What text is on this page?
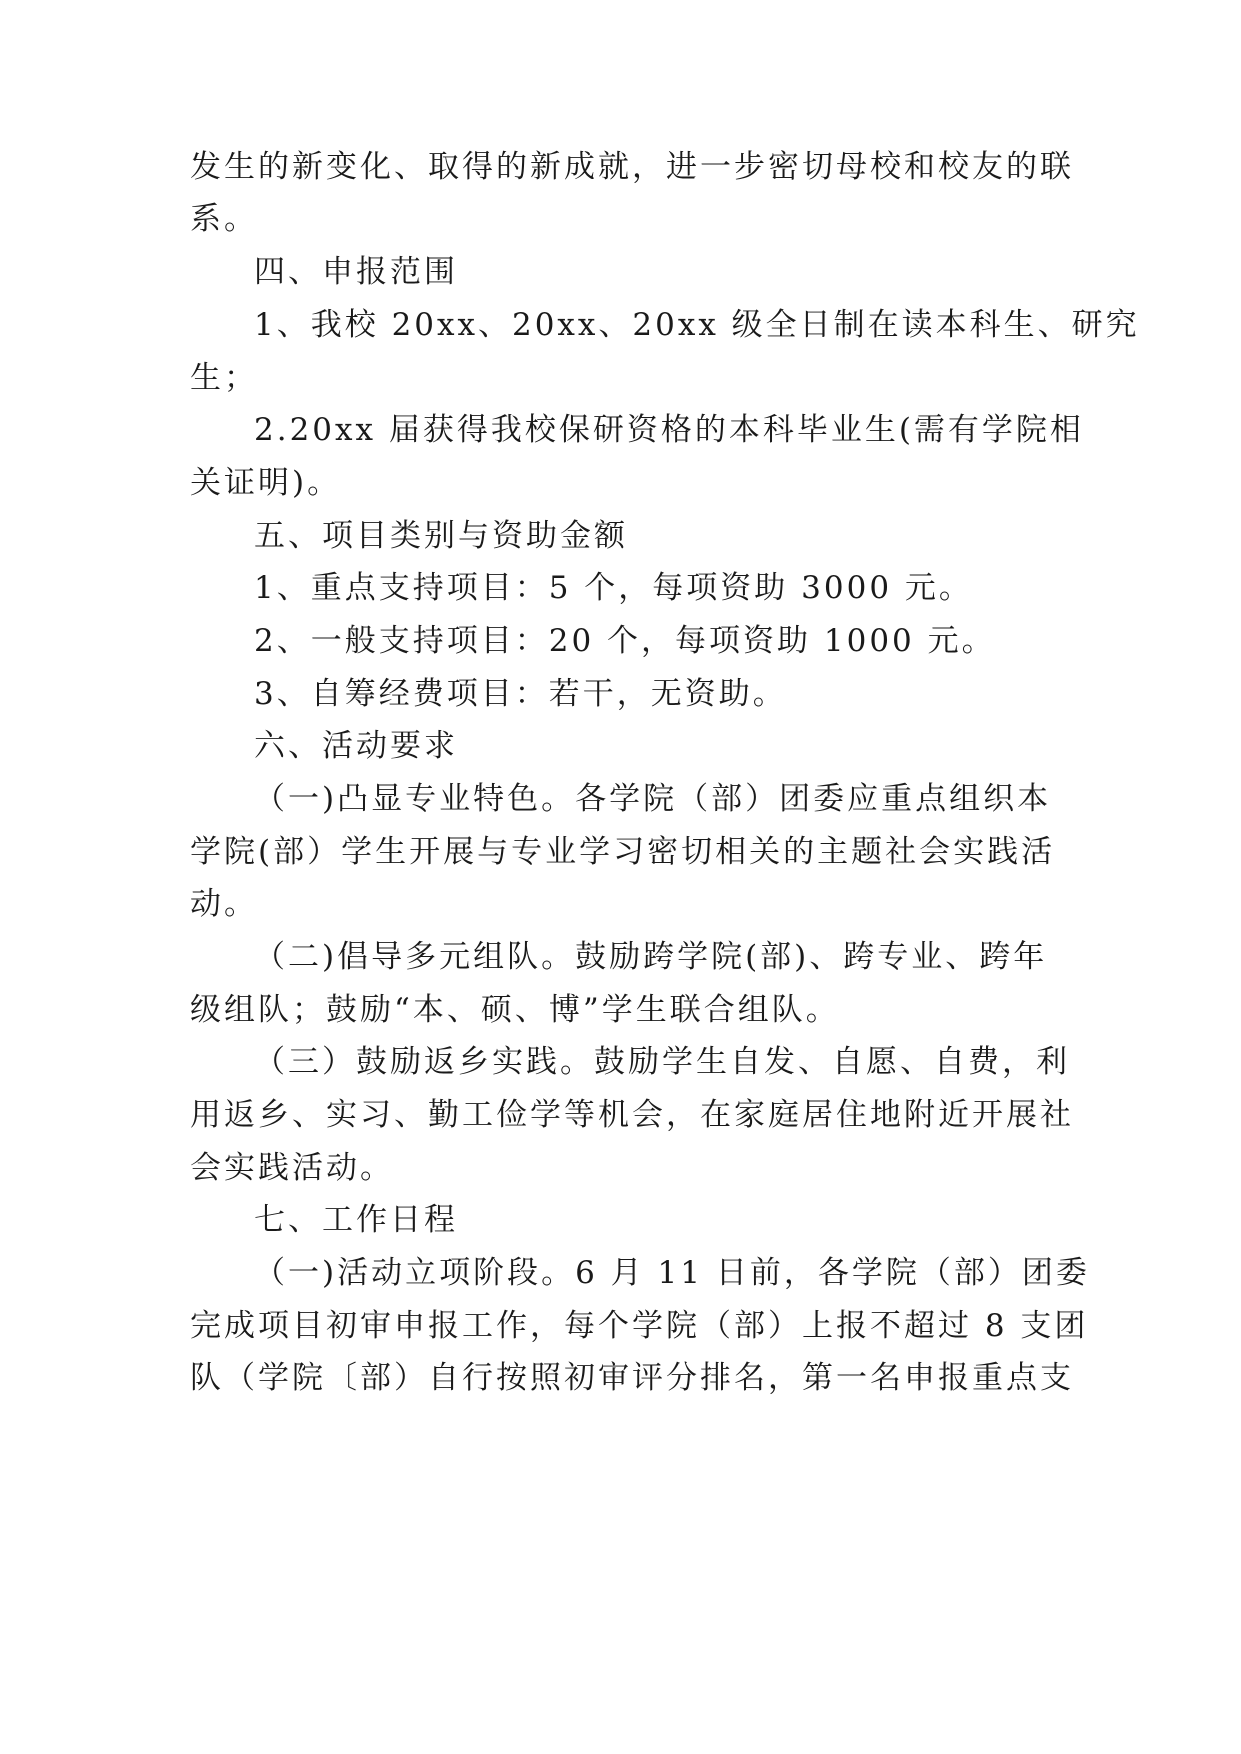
发生的新变化、取得的新成就，进一步密切母校和校友的联
系。
四、申报范围
1、我校 20xx、20xx、20xx 级全日制在读本科生、研究
生；
2.20xx 届获得我校保研资格的本科毕业生(需有学院相
关证明)。
五、项目类别与资助金额
1、重点支持项目：5 个，每项资助 3000 元。
2、一般支持项目：20 个，每项资助 1000 元。
3、自筹经费项目：若干，无资助。
六、活动要求
（一)凸显专业特色。各学院（部）团委应重点组织本
学院(部）学生开展与专业学习密切相关的主题社会实践活
动。
（二)倡导多元组队。鼓励跨学院(部)、跨专业、跨年
级组队；鼓励“本、硕、博”学生联合组队。
（三）鼓励返乡实践。鼓励学生自发、自愿、自费，利
用返乡、实习、勤工俭学等机会，在家庭居住地附近开展社
会实践活动。
七、工作日程
（一)活动立项阶段。6 月 11 日前，各学院（部）团委
完成项目初审申报工作，每个学院（部）上报不超过 8 支团
队（学院〔部）自行按照初审评分排名，第一名申报重点支
